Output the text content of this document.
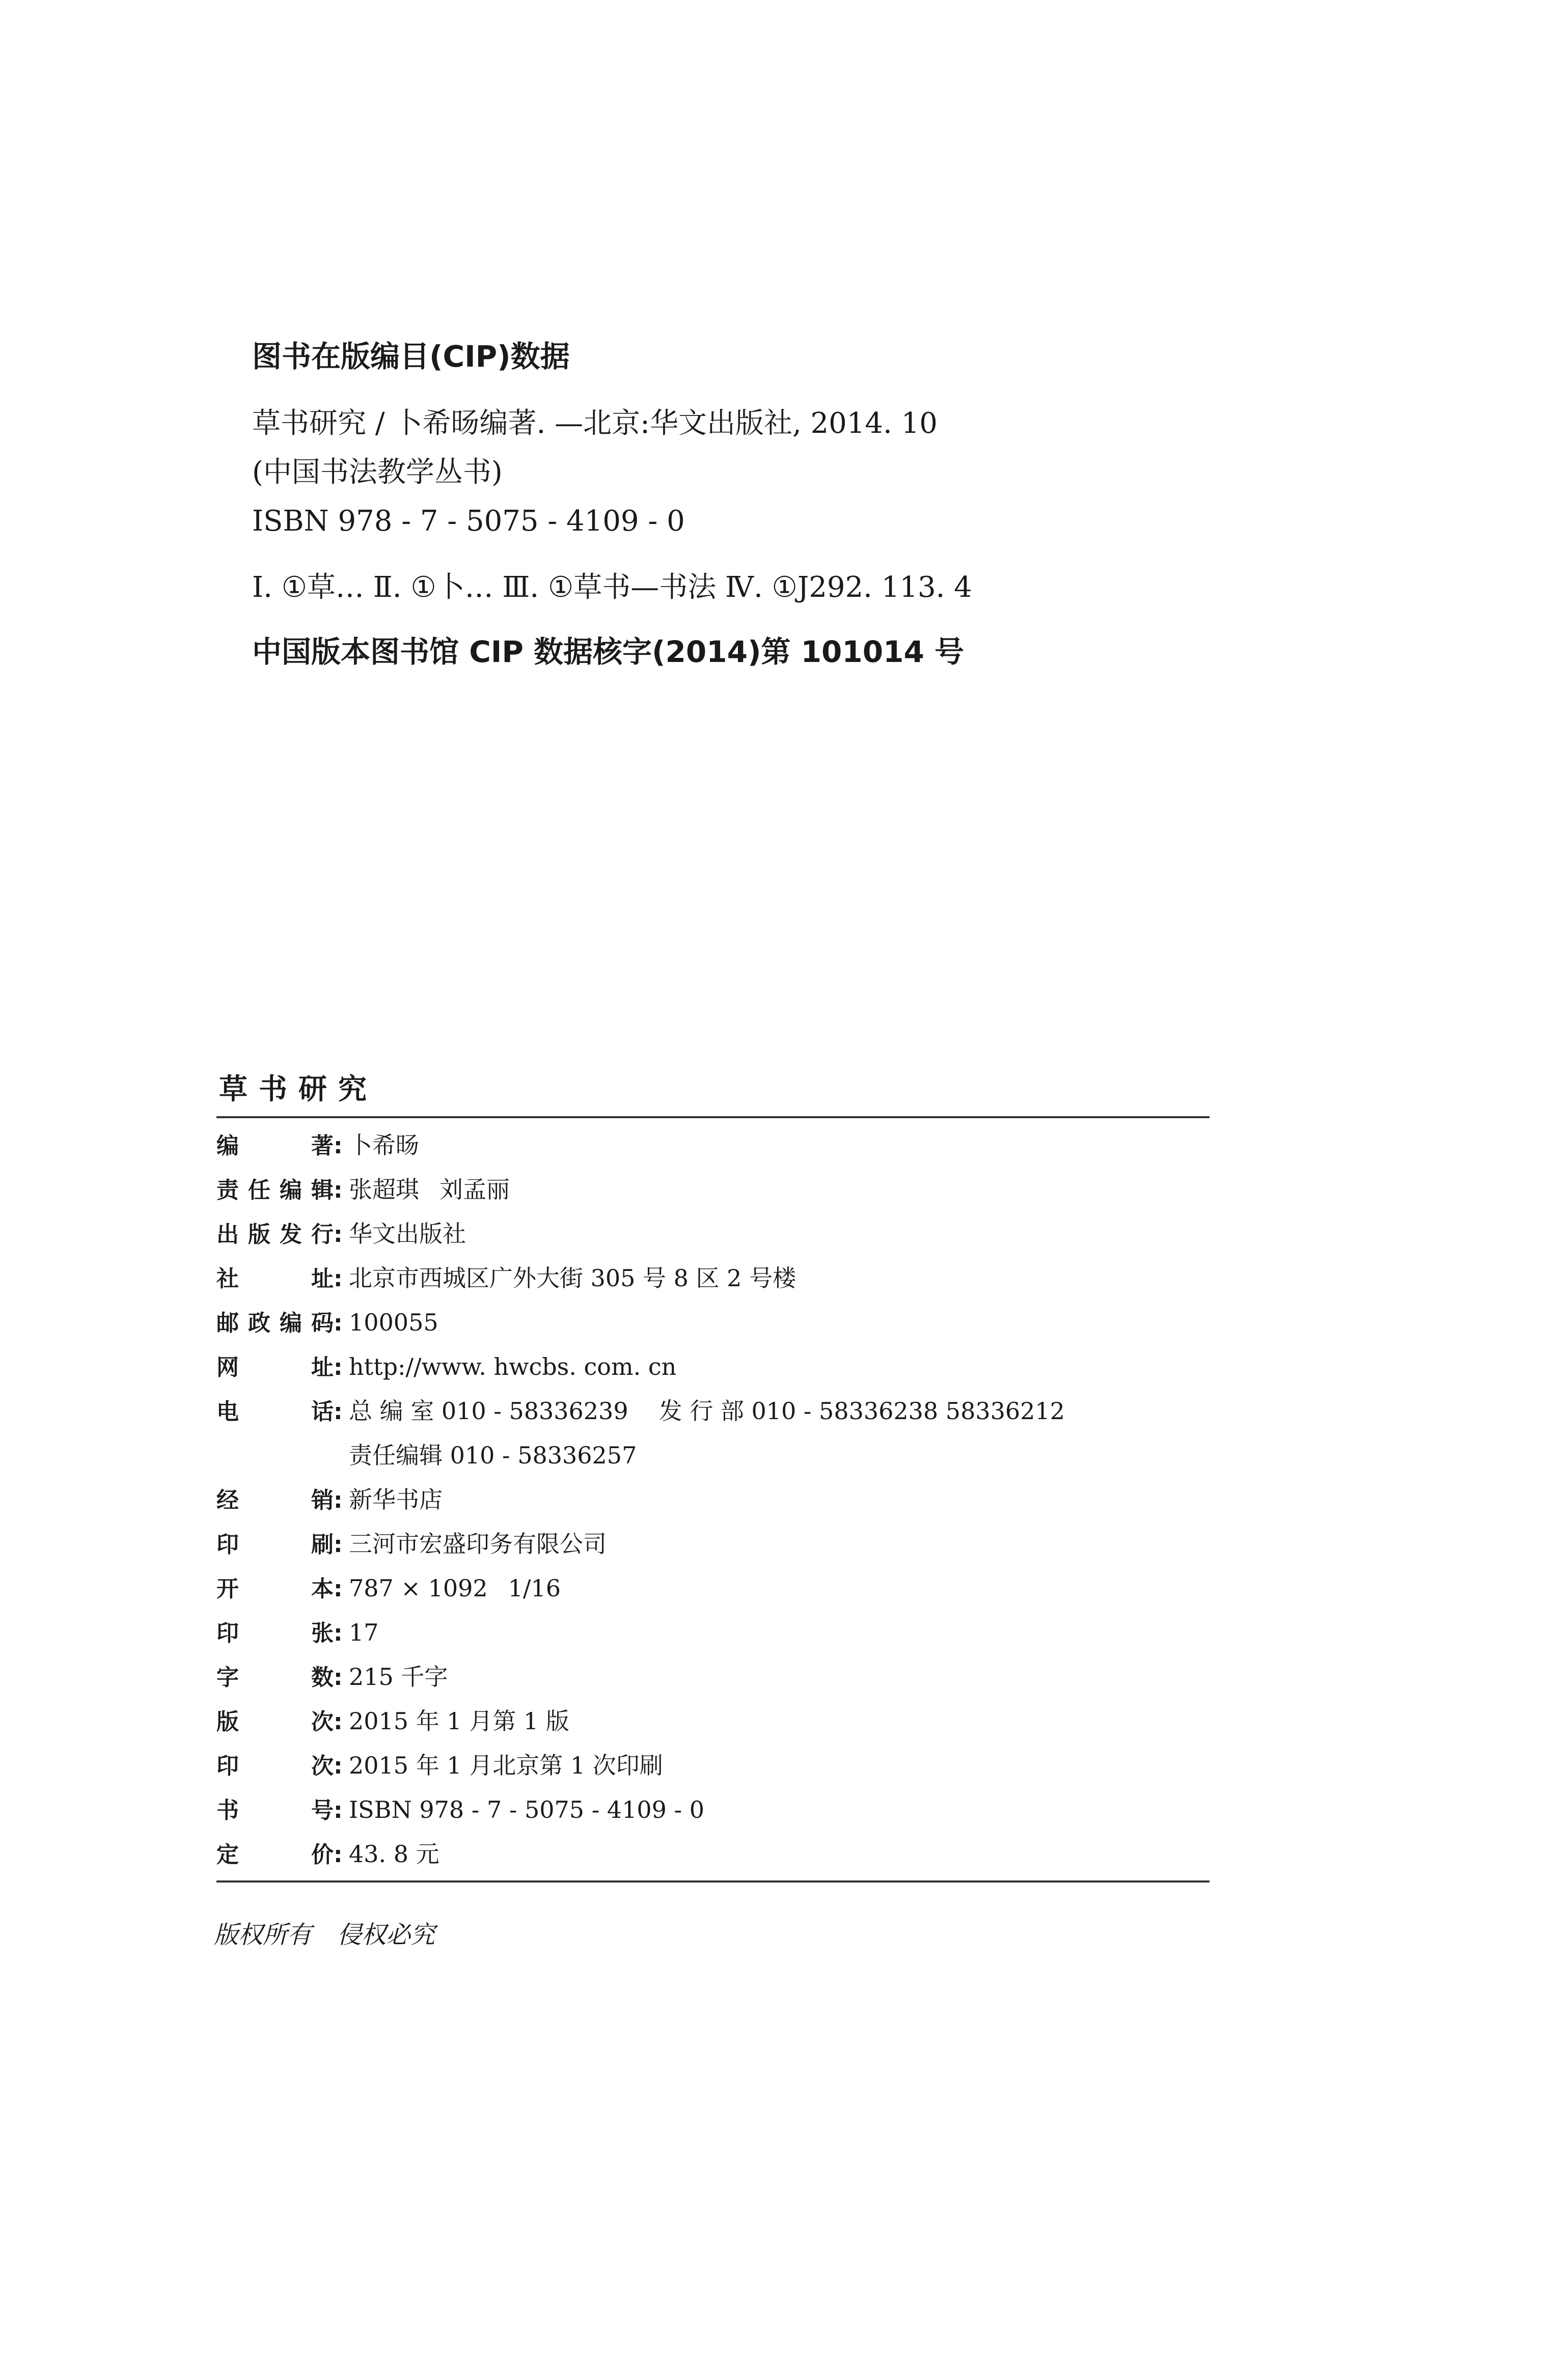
图书在版编目(CIP)数据
草书研究 / 卜希旸编著. —北京:华文出版社, 2014. 10
(中国书法教学丛书)
ISBN 978 - 7 - 5075 - 4109 - 0
Ⅰ. ①草… Ⅱ. ①卜… Ⅲ. ①草书—书法 Ⅳ. ①J292. 113. 4
中国版本图书馆 CIP 数据核字(2014)第 101014 号
草书研究
编著 : 卜希旸
责任编辑 : 张超琪 刘孟丽
出版发行 : 华文出版社
社址 : 北京市西城区广外大街 305 号 8 区 2 号楼
邮政编码 : 100055
网址 : http://www. hwcbs. com. cn
电话 : 总 编 室 010 - 58336239 发 行 部 010 - 58336238 58336212
责任编辑 010 - 58336257
经销 : 新华书店
印刷 : 三河市宏盛印务有限公司
开本 : 787 × 1092 1/16
印张 : 17
字数 : 215 千字
版次 : 2015 年 1 月第 1 版
印次 : 2015 年 1 月北京第 1 次印刷
书号 : ISBN 978 - 7 - 5075 - 4109 - 0
定价 : 43. 8 元
版权所有 侵权必究
